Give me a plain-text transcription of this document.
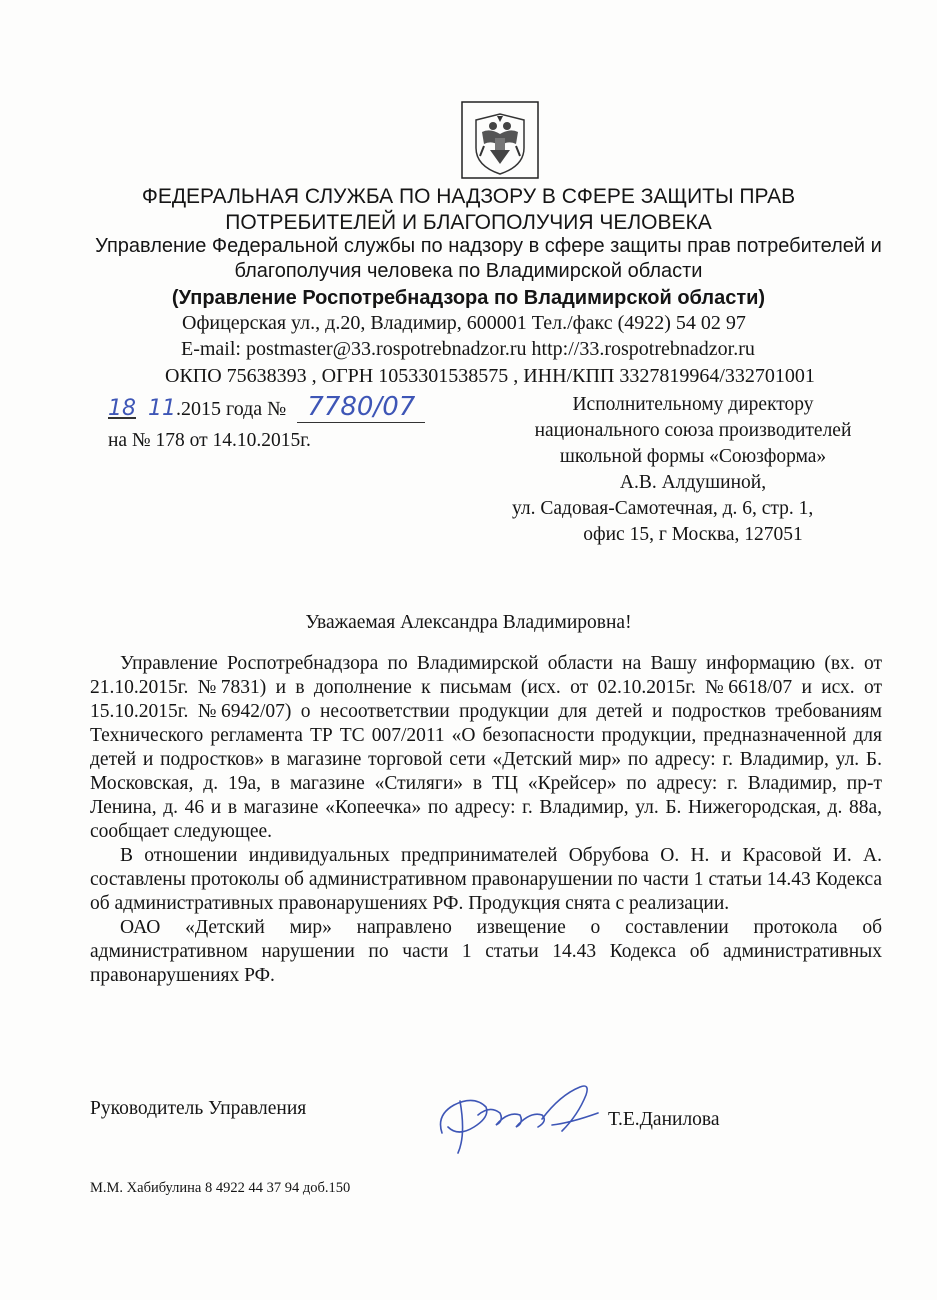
ФЕДЕРАЛЬНАЯ СЛУЖБА ПО НАДЗОРУ В СФЕРЕ ЗАЩИТЫ ПРАВ
ПОТРЕБИТЕЛЕЙ И БЛАГОПОЛУЧИЯ ЧЕЛОВЕКА
Управление Федеральной службы по надзору в сфере защиты прав потребителей и
благополучия человека по Владимирской области
(Управление Роспотребнадзора по Владимирской области)
Офицерская ул., д.20, Владимир, 600001 Тел./факс (4922) 54 02 97
E-mail: postmaster@33.rospotrebnadzor.ru http://33.rospotrebnadzor.ru
ОКПО 75638393 , ОГРН 1053301538575 , ИНН/КПП 3327819964/332701001
18 11.2015 года № 7780/07
на № 178 от 14.10.2015г.
Исполнительному директору
национального союза производителей
школьной формы «Союзформа»
А.В. Алдушиной,
ул. Садовая-Самотечная, д. 6, стр. 1,
офис 15, г Москва, 127051
Уважаемая Александра Владимировна!

Управление Роспотребнадзора по Владимирской области на Вашу информацию (вх. от 21.10.2015г. №7831) и в дополнение к письмам (исх. от 02.10.2015г. №6618/07 и исх. от 15.10.2015г. №6942/07) о несоответствии продукции для детей и подростков требованиям Технического регламента ТР ТС 007/2011 «О безопасности продукции, предназначенной для детей и подростков» в магазине торговой сети «Детский мир» по адресу: г. Владимир, ул. Б. Московская, д. 19а, в магазине «Стиляги» в ТЦ «Крейсер» по адресу: г. Владимир, пр-т Ленина, д. 46 и в магазине «Копеечка» по адресу: г. Владимир, ул. Б. Нижегородская, д. 88а, сообщает следующее.

В отношении индивидуальных предпринимателей Обрубова О. Н. и Красовой И. А. составлены протоколы об административном правонарушении по части 1 статьи 14.43 Кодекса об административных правонарушениях РФ. Продукция снята с реализации.

ОАО «Детский мир» направлено извещение о составлении протокола об административном нарушении по части 1 статьи 14.43 Кодекса об административных правонарушениях РФ.

Руководитель Управления
Т.Е.Данилова
М.М. Хабибулина 8 4922 44 37 94 доб.150
